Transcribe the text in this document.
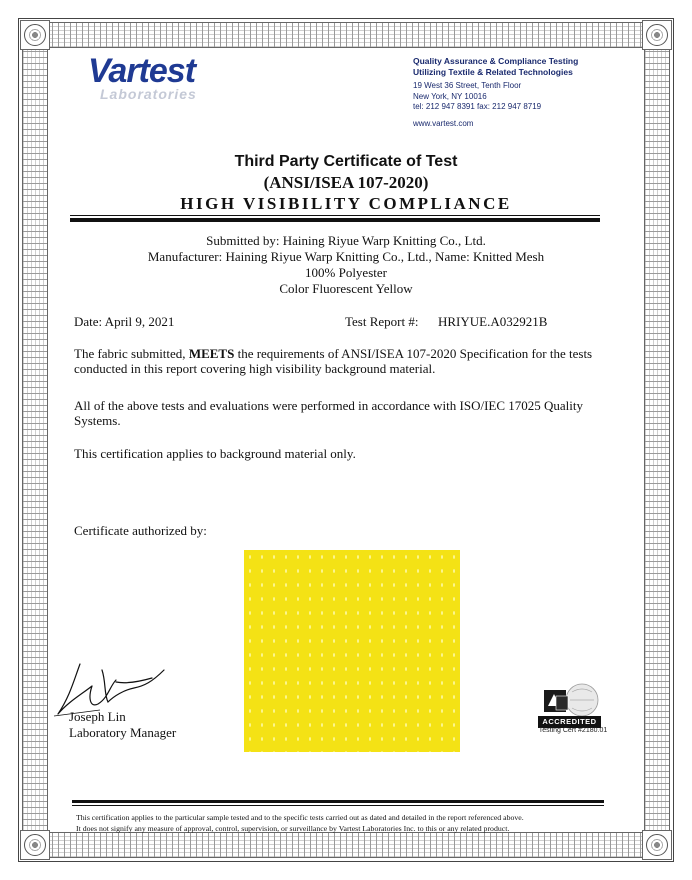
Vartest
Laboratories
Quality Assurance & Compliance Testing
Utilizing Textile & Related Technologies
19 West 36 Street, Tenth Floor
New York, NY 10016
tel: 212 947 8391 fax: 212 947 8719
www.vartest.com
Third Party Certificate of Test
(ANSI/ISEA 107-2020)
HIGH VISIBILITY COMPLIANCE
Submitted by: Haining Riyue Warp Knitting Co., Ltd.
Manufacturer: Haining Riyue Warp Knitting Co., Ltd., Name: Knitted Mesh
100% Polyester
Color Fluorescent Yellow
Date: April 9, 2021	Test Report #: HRIYUE.A032921B
The fabric submitted, MEETS the requirements of ANSI/ISEA 107-2020 Specification for the tests conducted in this report covering high visibility background material.
All of the above tests and evaluations were performed in accordance with ISO/IEC 17025 Quality Systems.
This certification applies to background material only.
Certificate authorized by:
Joseph Lin
Laboratory Manager
ACCREDITED
Testing Cert #2180.01
This certification applies to the particular sample tested and to the specific tests carried out as dated and detailed in the report referenced above.
It does not signify any measure of approval, control, supervision, or surveillance by Vartest Laboratories Inc. to this or any related product.
